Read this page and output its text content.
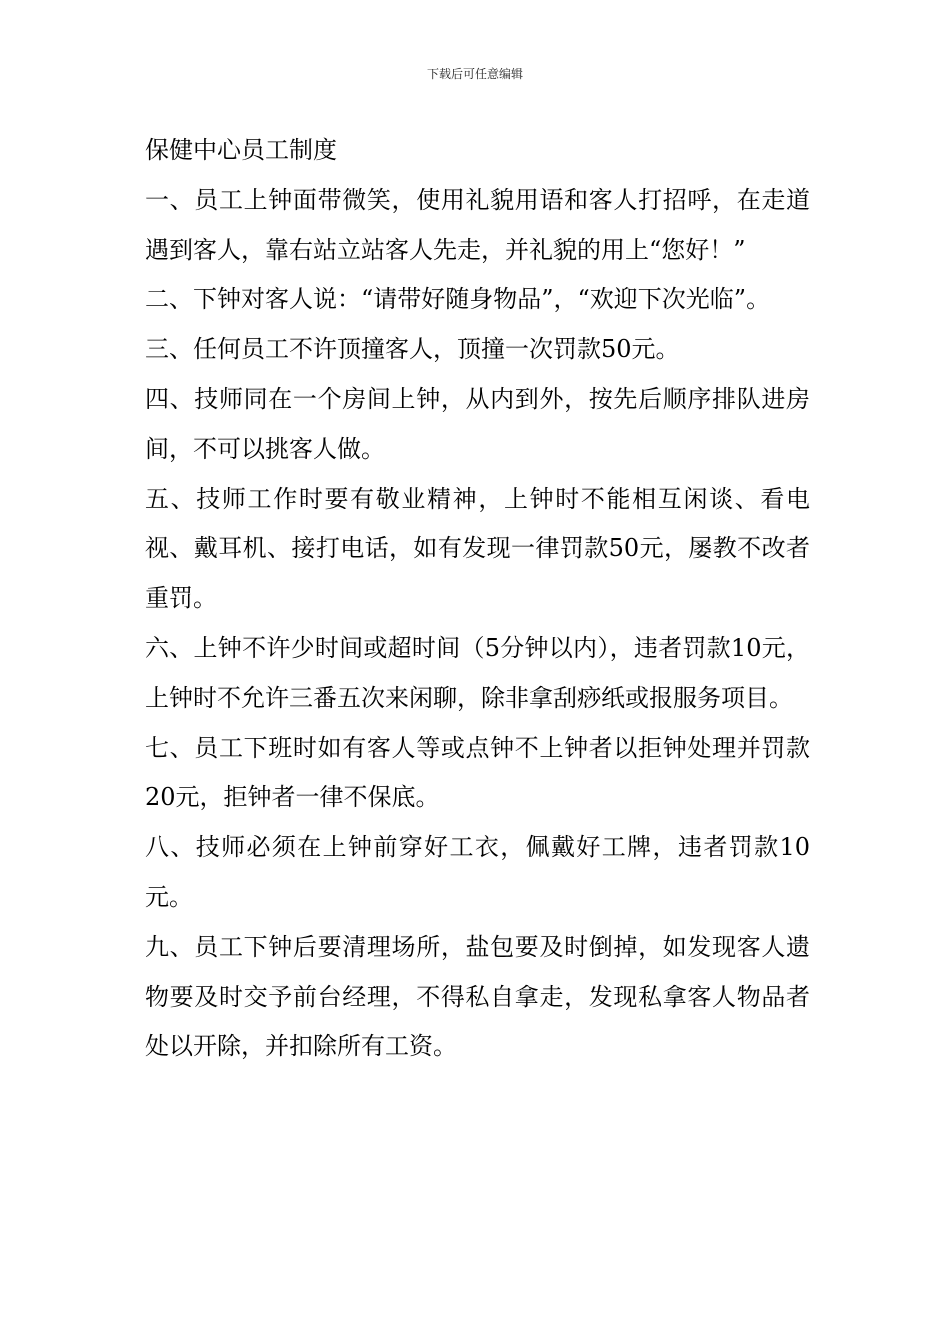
下载后可任意编辑

保健中心员工制度

一、员工上钟面带微笑，使用礼貌用语和客人打招呼，在走道遇到客人，靠右站立站客人先走，并礼貌的用上“您好！”

二、下钟对客人说：“请带好随身物品”，“欢迎下次光临”。

三、任何员工不许顶撞客人，顶撞一次罚款50元。

四、技师同在一个房间上钟，从内到外，按先后顺序排队进房间，不可以挑客人做。

五、技师工作时要有敬业精神，上钟时不能相互闲谈、看电视、戴耳机、接打电话，如有发现一律罚款50元，屡教不改者重罚。

六、上钟不许少时间或超时间（5分钟以内），违者罚款10元，上钟时不允许三番五次来闲聊，除非拿刮痧纸或报服务项目。

七、员工下班时如有客人等或点钟不上钟者以拒钟处理并罚款20元，拒钟者一律不保底。

八、技师必须在上钟前穿好工衣，佩戴好工牌，违者罚款10元。

九、员工下钟后要清理场所，盐包要及时倒掉，如发现客人遗物要及时交予前台经理，不得私自拿走，发现私拿客人物品者处以开除，并扣除所有工资。
